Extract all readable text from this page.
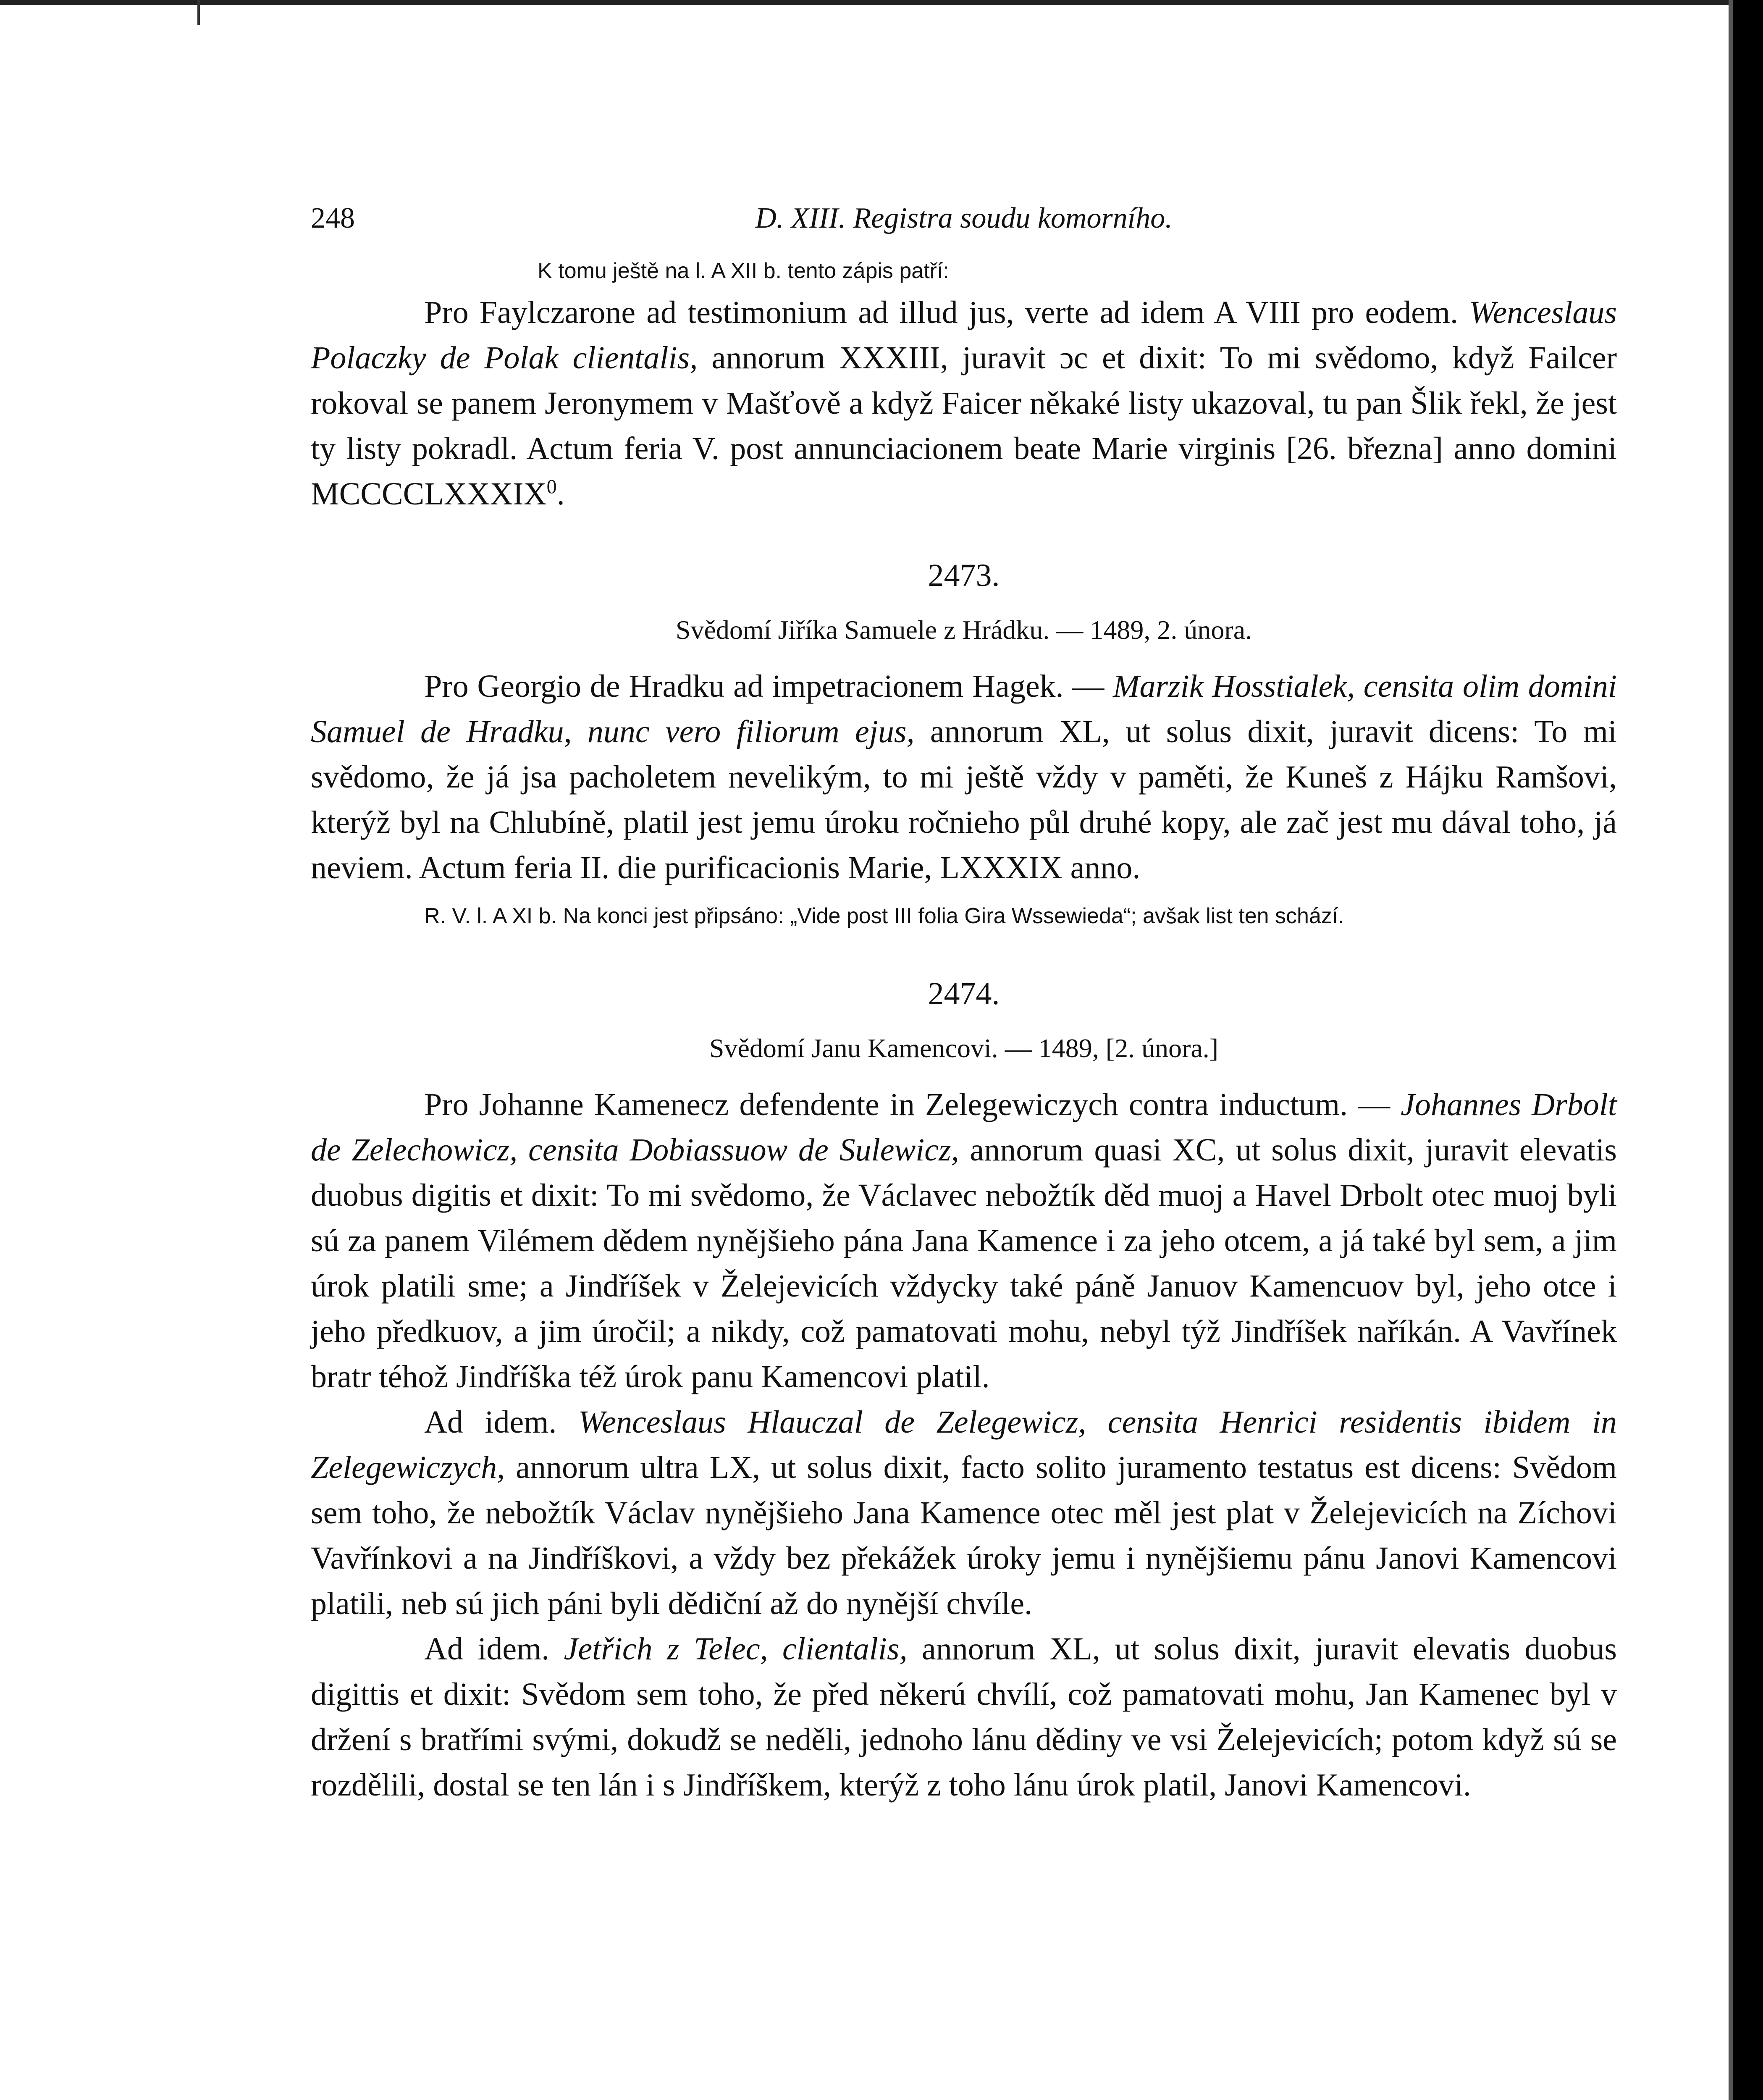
248	D. XIII. Registra soudu komorního.

K tomu ještě na l. A XII b. tento zápis patří:

Pro Faylczarone ad testimonium ad illud jus, verte ad idem A VIII pro eodem. Wenceslaus Polaczky de Polak clientalis, annorum XXXIII, juravit ɔc et dixit: To mi svědomo, když Failcer rokoval se panem Jeronymem v Mašťově a když Faicer někaké listy ukazoval, tu pan Šlik řekl, že jest ty listy pokradl. Actum feria V. post annunciacionem beate Marie virginis [26. března] anno domini MCCCCLXXXIX$^0$.

2473.
Svědomí Jiříka Samuele z Hrádku. — 1489, 2. února.

Pro Georgio de Hradku ad impetracionem Hagek. — Marzik Hosstialek, censita olim domini Samuel de Hradku, nunc vero filiorum ejus, annorum XL, ut solus dixit, juravit dicens: To mi svědomo, že já jsa pacholetem nevelikým, to mi ještě vždy v paměti, že Kuneš z Hájku Ramšovi, kterýž byl na Chlubíně, platil jest jemu úroku ročnieho půl druhé kopy, ale zač jest mu dával toho, já neviem. Actum feria II. die purificacionis Marie, LXXXIX anno.

R. V. l. A XI b. Na konci jest připsáno: „Vide post III folia Gira Wssewieda“; avšak list ten schází.

2474.
Svědomí Janu Kamencovi. — 1489, [2. února.]

Pro Johanne Kamenecz defendente in Zelegewiczych contra inductum. — Johannes Drbolt de Zelechowicz, censita Dobiassuow de Sulewicz, annorum quasi XC, ut solus dixit, juravit elevatis duobus digitis et dixit: To mi svědomo, že Václavec nebožtík děd muoj a Havel Drbolt otec muoj byli sú za panem Vilémem dědem nynějšieho pána Jana Kamence i za jeho otcem, a já také byl sem, a jim úrok platili sme; a Jindříšek v Želejevicích vždycky také páně Januov Kamencuov byl, jeho otce i jeho předkuov, a jim úročil; a nikdy, což pamatovati mohu, nebyl týž Jindříšek naříkán. A Vavřínek bratr téhož Jindříška též úrok panu Kamencovi platil.

Ad idem. Wenceslaus Hlauczal de Zelegewicz, censita Henrici residentis ibidem in Zelegewiczych, annorum ultra LX, ut solus dixit, facto solito juramento testatus est dicens: Svědom sem toho, že nebožtík Václav nynějšieho Jana Kamence otec měl jest plat v Želejevicích na Zíchovi Vavřínkovi a na Jindříškovi, a vždy bez překážek úroky jemu i nynějšiemu pánu Janovi Kamencovi platili, neb sú jich páni byli dědiční až do nynější chvíle.

Ad idem. Jetřich z Telec, clientalis, annorum XL, ut solus dixit, juravit elevatis duobus digittis et dixit: Svědom sem toho, že před někerú chvílí, což pamatovati mohu, Jan Kamenec byl v držení s bratřími svými, dokudž se neděli, jednoho lánu dědiny ve vsi Želejevicích; potom když sú se rozdělili, dostal se ten lán i s Jindříškem, kterýž z toho lánu úrok platil, Janovi Kamencovi.
